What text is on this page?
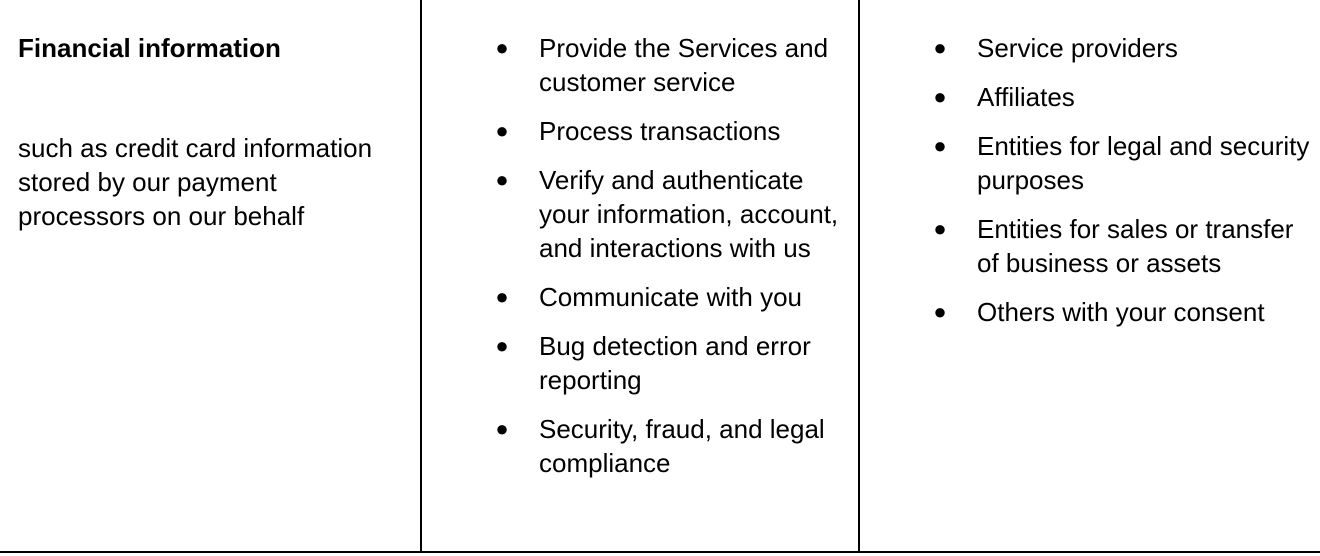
Financial information

such as credit card information stored by our payment processors on our behalf

● Provide the Services and customer service
● Process transactions
● Verify and authenticate your information, account, and interactions with us
● Communicate with you
● Bug detection and error reporting
● Security, fraud, and legal compliance
● Service providers
● Affiliates
● Entities for legal and security purposes
● Entities for sales or transfer of business or assets
● Others with your consent
